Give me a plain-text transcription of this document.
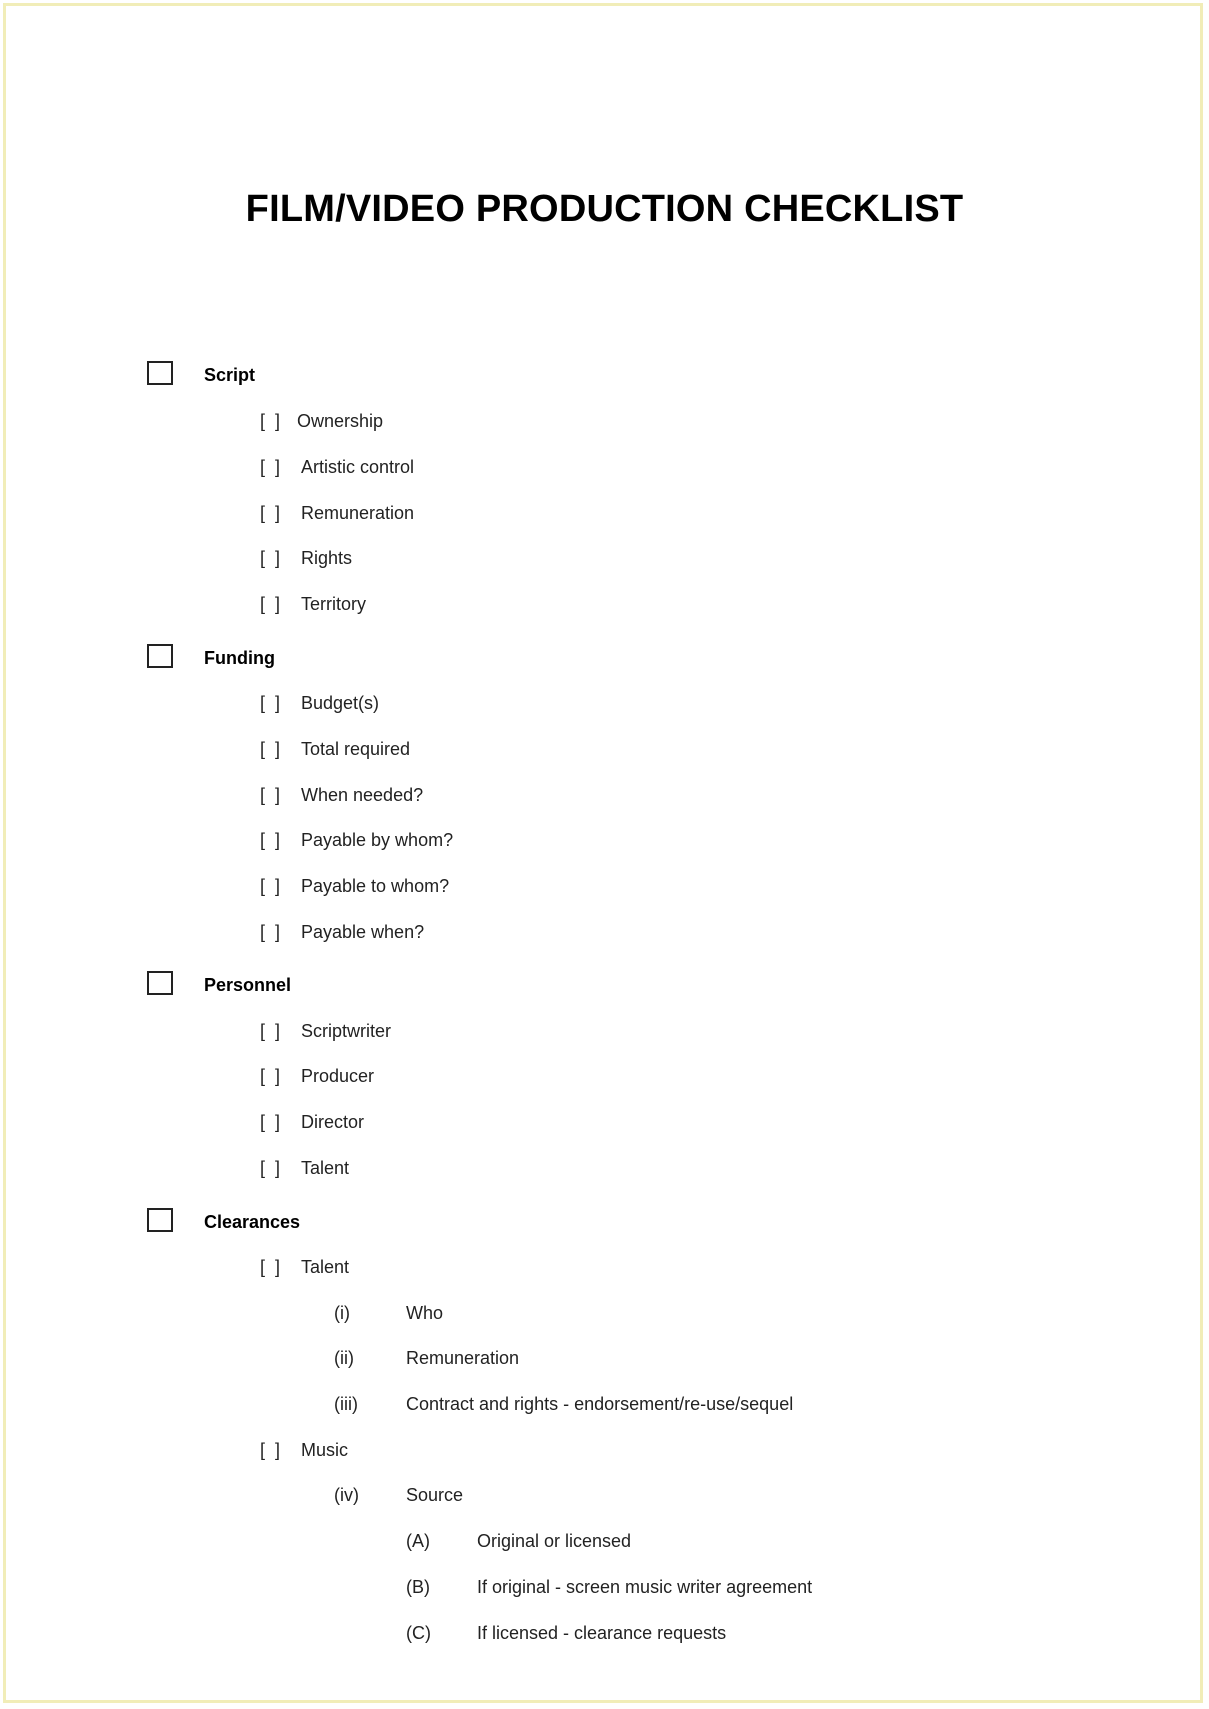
FILM/VIDEO PRODUCTION CHECKLIST
Script
[  ] Ownership
[  ] Artistic control
[  ] Remuneration
[  ] Rights
[  ] Territory
Funding
[  ] Budget(s)
[  ] Total required
[  ] When needed?
[  ] Payable by whom?
[  ] Payable to whom?
[  ] Payable when?
Personnel
[  ] Scriptwriter
[  ] Producer
[  ] Director
[  ] Talent
Clearances
[  ] Talent
(i)	Who
(ii)	Remuneration
(iii)	Contract and rights - endorsement/re-use/sequel
[  ] Music
(iv)	Source
(A)	Original or licensed
(B)	If original - screen music writer agreement
(C)	If licensed - clearance requests
